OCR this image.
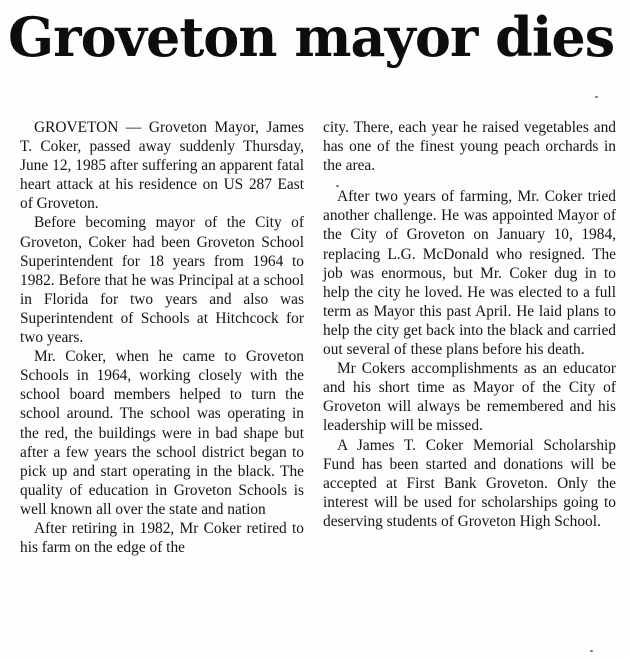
Groveton mayor dies

GROVETON — Groveton Mayor, James T. Coker, passed away suddenly Thursday, June 12, 1985 after suffering an apparent fatal heart attack at his residence on US 287 East of Groveton.

Before becoming mayor of the City of Groveton, Coker had been Groveton School Superintendent for 18 years from 1964 to 1982. Before that he was Principal at a school in Florida for two years and also was Superintendent of Schools at Hitchcock for two years.

Mr. Coker, when he came to Groveton Schools in 1964, working closely with the school board members helped to turn the school around. The school was operating in the red, the buildings were in bad shape but after a few years the school district began to pick up and start operating in the black. The quality of education in Groveton Schools is well known all over the state and nation

After retiring in 1982, Mr Coker retired to his farm on the edge of the

city. There, each year he raised vegetables and has one of the finest young peach orchards in the area.

After two years of farming, Mr. Coker tried another challenge. He was appointed Mayor of the City of Groveton on January 10, 1984, replacing L.G. McDonald who resigned. The job was enormous, but Mr. Coker dug in to help the city he loved. He was elected to a full term as Mayor this past April. He laid plans to help the city get back into the black and carried out several of these plans before his death.

Mr Cokers accomplishments as an educator and his short time as Mayor of the City of Groveton will always be remembered and his leadership will be missed.

A James T. Coker Memorial Scholarship Fund has been started and donations will be accepted at First Bank Groveton. Only the interest will be used for scholarships going to deserving students of Groveton High School.
